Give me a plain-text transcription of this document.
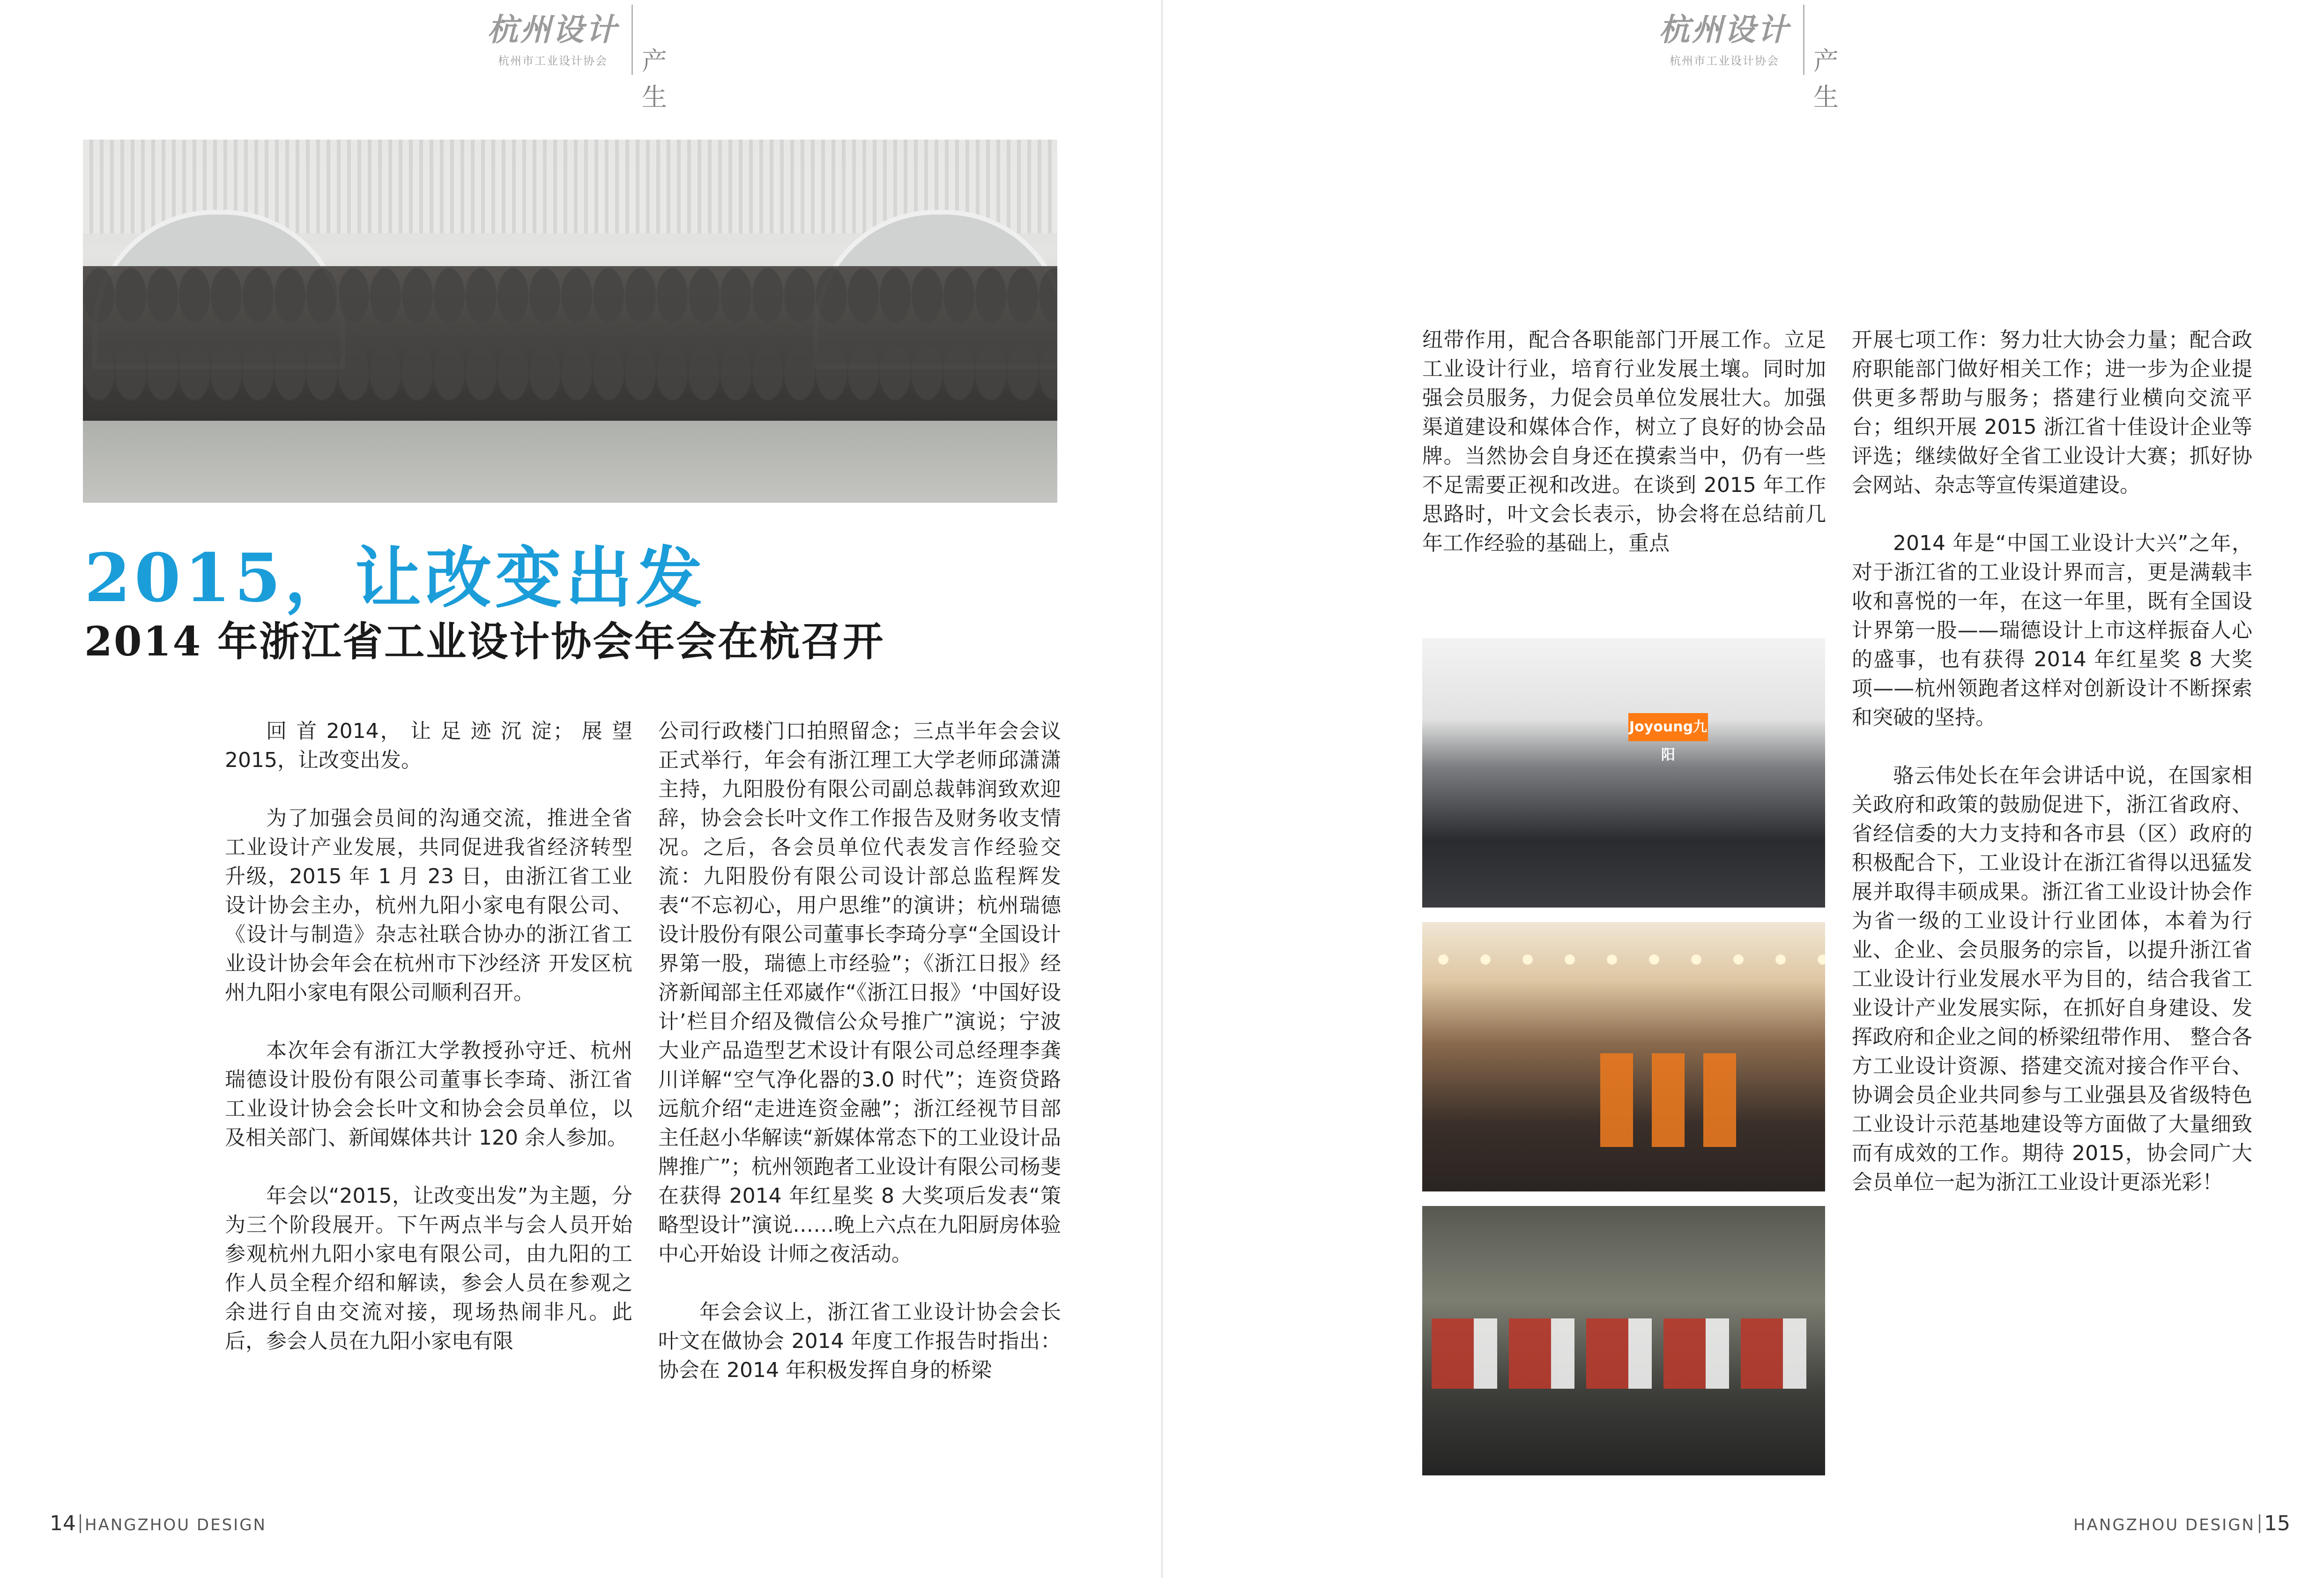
杭州设计
杭州市工业设计协会	产生
2015，让改变出发
2014 年浙江省工业设计协会年会在杭召开

回 首 2014， 让 足 迹 沉 淀； 展 望 2015，让改变出发。

为了加强会员间的沟通交流，推进全省工业设计产业发展，共同促进我省经济转型升级，2015 年 1 月 23 日，由浙江省工业设计协会主办，杭州九阳小家电有限公司、《设计与制造》杂志社联合协办的浙江省工业设计协会年会在杭州市下沙经济 开发区杭州九阳小家电有限公司顺利召开。

本次年会有浙江大学教授孙守迁、杭州瑞德设计股份有限公司董事长李琦、浙江省工业设计协会会长叶文和协会会员单位，以及相关部门、新闻媒体共计 120 余人参加。

年会以“2015，让改变出发”为主题，分为三个阶段展开。下午两点半与会人员开始参观杭州九阳小家电有限公司，由九阳的工作人员全程介绍和解读，参会人员在参观之余进行自由交流对接，现场热闹非凡。此后，参会人员在九阳小家电有限

公司行政楼门口拍照留念；三点半年会会议正式举行，年会有浙江理工大学老师邱潇潇主持，九阳股份有限公司副总裁韩润致欢迎辞，协会会长叶文作工作报告及财务收支情况。之后，各会员单位代表发言作经验交流：九阳股份有限公司设计部总监程辉发表“不忘初心，用户思维”的演讲；杭州瑞德设计股份有限公司董事长李琦分享“全国设计界第一股，瑞德上市经验”；《浙江日报》经济新闻部主任邓崴作“《浙江日报》‘中国好设计’栏目介绍及微信公众号推广”演说；宁波大业产品造型艺术设计有限公司总经理李龚川详解“空气净化器的3.0 时代”；连资贷路远航介绍“走进连资金融”；浙江经视节目部主任赵小华解读“新媒体常态下的工业设计品牌推广”；杭州领跑者工业设计有限公司杨斐在获得 2014 年红星奖 8 大奖项后发表“策略型设计”演说……晚上六点在九阳厨房体验中心开始设 计师之夜活动。

年会会议上，浙江省工业设计协会会长叶文在做协会 2014 年度工作报告时指出：协会在 2014 年积极发挥自身的桥梁

14 HANGZHOU DESIGN
杭州设计
杭州市工业设计协会	产生

纽带作用，配合各职能部门开展工作。立足工业设计行业，培育行业发展土壤。同时加强会员服务，力促会员单位发展壮大。加强渠道建设和媒体合作，树立了良好的协会品牌。当然协会自身还在摸索当中，仍有一些不足需要正视和改进。在谈到 2015 年工作思路时，叶文会长表示，协会将在总结前几年工作经验的基础上，重点

开展七项工作：努力壮大协会力量；配合政府职能部门做好相关工作；进一步为企业提供更多帮助与服务；搭建行业横向交流平台；组织开展 2015 浙江省十佳设计企业等评选；继续做好全省工业设计大赛；抓好协会网站、杂志等宣传渠道建设。

2014 年是“中国工业设计大兴”之年，对于浙江省的工业设计界而言，更是满载丰收和喜悦的一年，在这一年里，既有全国设计界第一股——瑞德设计上市这样振奋人心的盛事，也有获得 2014 年红星奖 8 大奖项——杭州领跑者这样对创新设计不断探索和突破的坚持。

骆云伟处长在年会讲话中说，在国家相关政府和政策的鼓励促进下，浙江省政府、省经信委的大力支持和各市县（区）政府的积极配合下，工业设计在浙江省得以迅猛发展并取得丰硕成果。浙江省工业设计协会作为省一级的工业设计行业团体，本着为行业、企业、会员服务的宗旨，以提升浙江省工业设计行业发展水平为目的，结合我省工业设计产业发展实际，在抓好自身建设、发挥政府和企业之间的桥梁纽带作用、 整合各方工业设计资源、搭建交流对接合作平台、协调会员企业共同参与工业强县及省级特色工业设计示范基地建设等方面做了大量细致而有成效的工作。期待 2015，协会同广大会员单位一起为浙江工业设计更添光彩！

Joyoung九阳
HANGZHOU DESIGN 15
